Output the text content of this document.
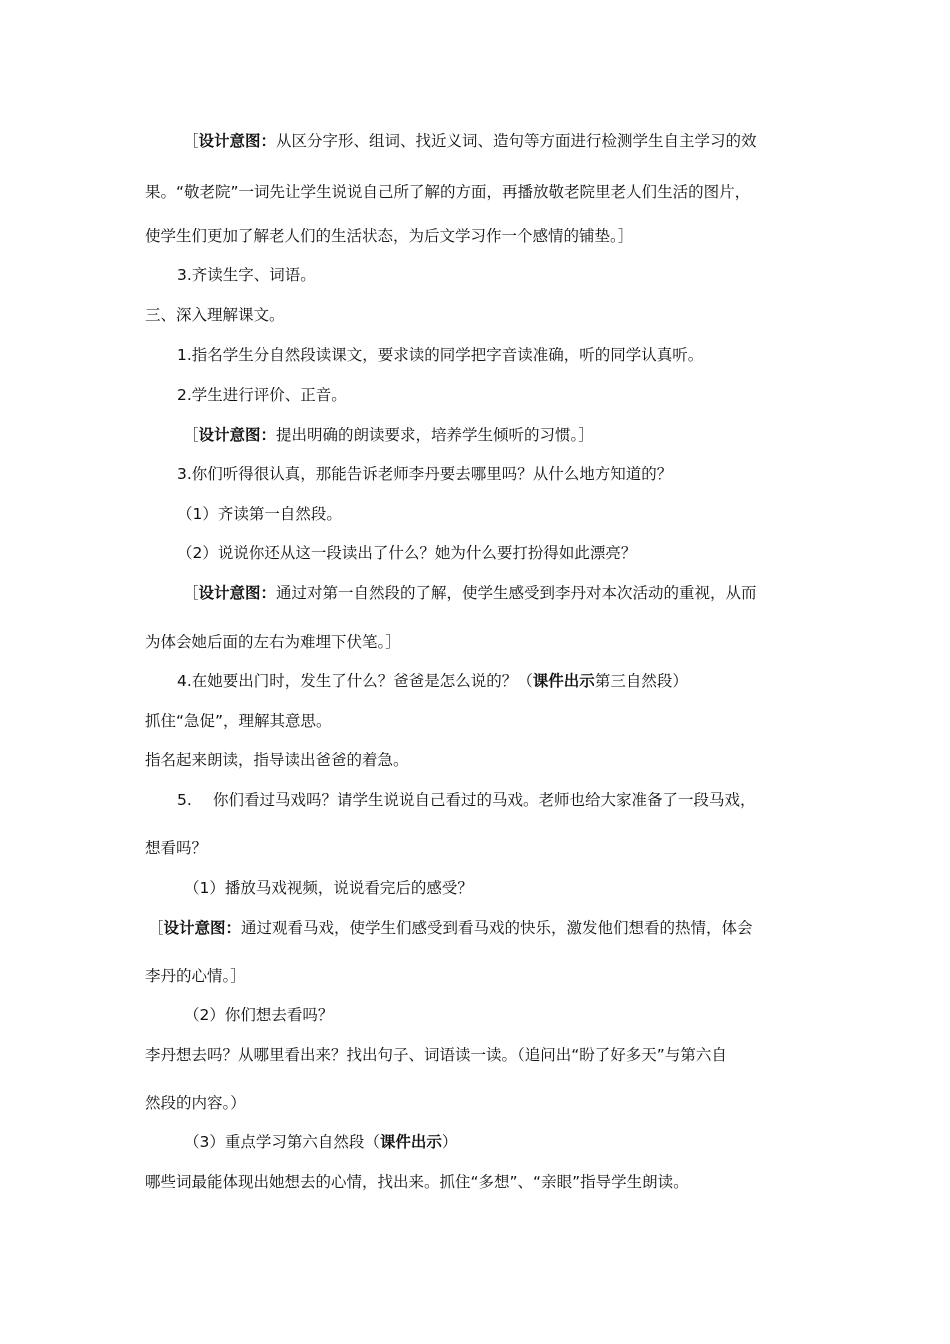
［设计意图：从区分字形、组词、找近义词、造句等方面进行检测学生自主学习的效

果。“敬老院”一词先让学生说说自己所了解的方面，再播放敬老院里老人们生活的图片，

使学生们更加了解老人们的生活状态，为后文学习作一个感情的铺垫。］

3.齐读生字、词语。

三、深入理解课文。

1.指名学生分自然段读课文，要求读的同学把字音读准确，听的同学认真听。

2.学生进行评价、正音。

［设计意图：提出明确的朗读要求，培养学生倾听的习惯。］

3.你们听得很认真，那能告诉老师李丹要去哪里吗？从什么地方知道的？

（1）齐读第一自然段。

（2）说说你还从这一段读出了什么？她为什么要打扮得如此漂亮？

［设计意图：通过对第一自然段的了解，使学生感受到李丹对本次活动的重视，从而

为体会她后面的左右为难埋下伏笔。］

4.在她要出门时，发生了什么？爸爸是怎么说的？（课件出示第三自然段）

抓住“急促”，理解其意思。

指名起来朗读，指导读出爸爸的着急。

5. 你们看过马戏吗？请学生说说自己看过的马戏。老师也给大家准备了一段马戏，

想看吗？

（1）播放马戏视频，说说看完后的感受？

［设计意图：通过观看马戏，使学生们感受到看马戏的快乐，激发他们想看的热情，体会

李丹的心情。］

（2）你们想去看吗？

李丹想去吗？从哪里看出来？找出句子、词语读一读。（追问出“盼了好多天”与第六自

然段的内容。）

（3）重点学习第六自然段（课件出示）

哪些词最能体现出她想去的心情，找出来。抓住“多想”、“亲眼”指导学生朗读。
